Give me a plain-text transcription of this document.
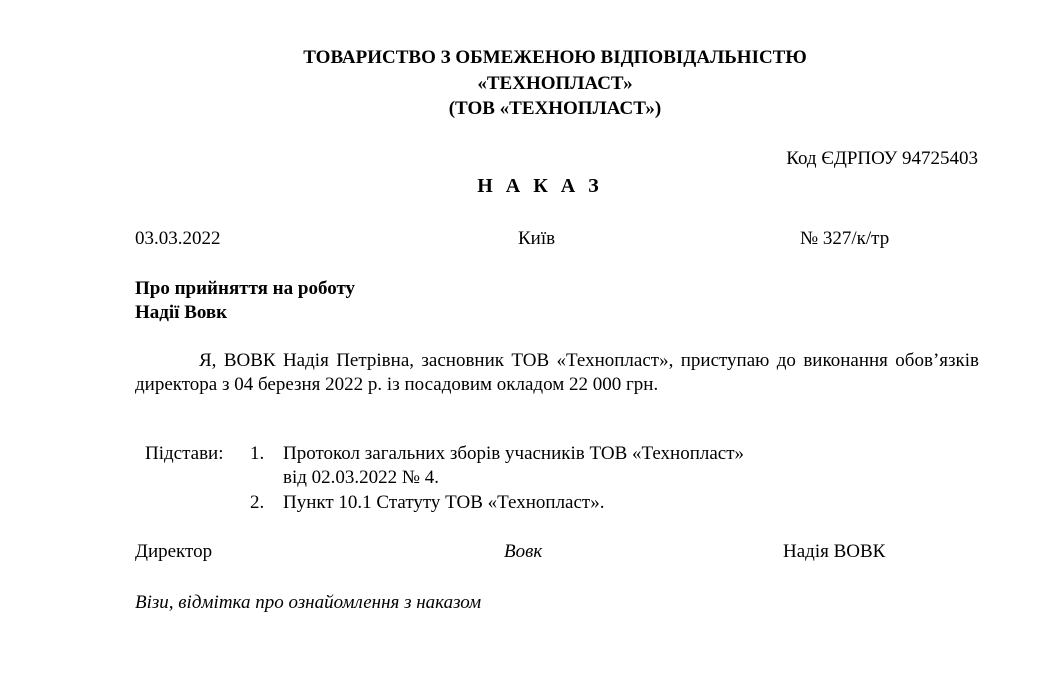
ТОВАРИСТВО З ОБМЕЖЕНОЮ ВІДПОВІДАЛЬНІСТЮ
«ТЕХНОПЛАСТ»
(ТОВ «ТЕХНОПЛАСТ»)
Код ЄДРПОУ 94725403
Н А К А З
03.03.2022	Київ	№ 327/к/тр
Про прийняття на роботу
Надії Вовк
Я, ВОВК Надія Петрівна, засновник ТОВ «Технопласт», приступаю до виконання обов’язків директора з 04 березня 2022 р. із посадовим окладом 22 000 грн.
Підстави: 1. Протокол загальних зборів учасників ТОВ «Технопласт»
від 02.03.2022 № 4.
2. Пункт 10.1 Статуту ТОВ «Технопласт».
Директор	Вовк	Надія ВОВК
Візи, відмітка про ознайомлення з наказом
